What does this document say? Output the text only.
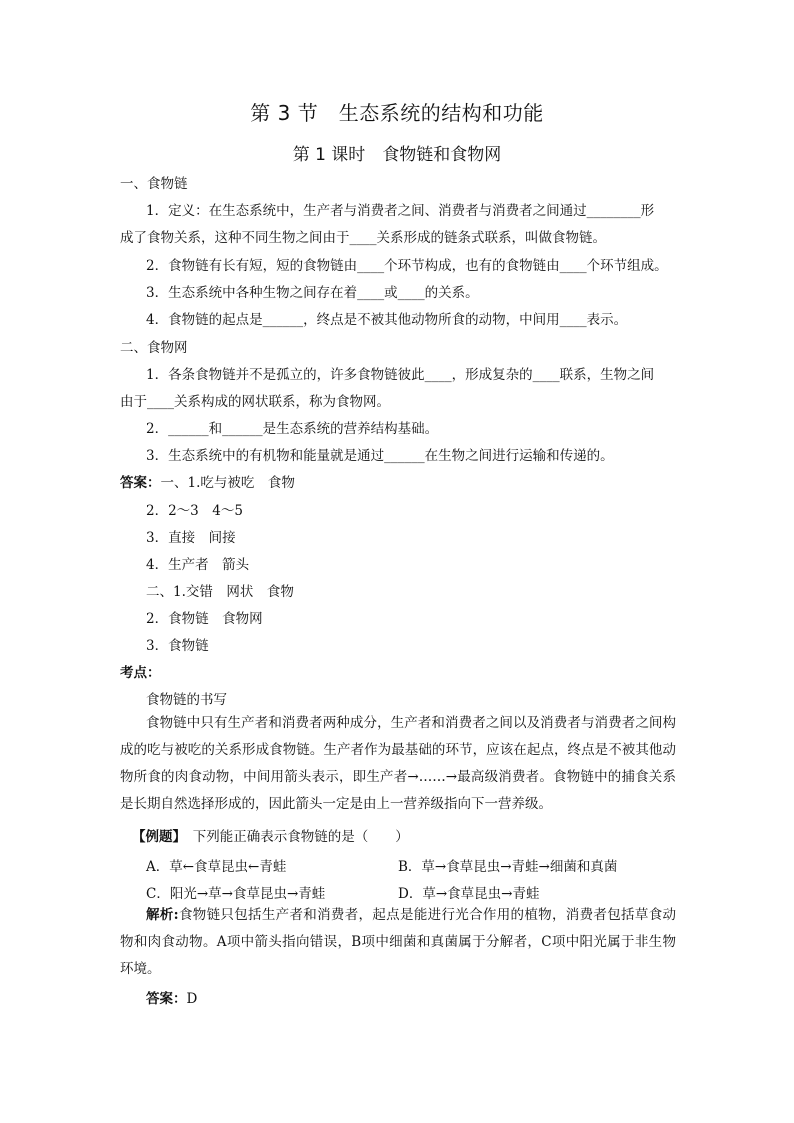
第 3 节　生态系统的结构和功能
第 1 课时　食物链和食物网
一、食物链
1．定义：在生态系统中，生产者与消费者之间、消费者与消费者之间通过________形
成了食物关系，这种不同生物之间由于____关系形成的链条式联系，叫做食物链。
2．食物链有长有短，短的食物链由____个环节构成，也有的食物链由____个环节组成。
3．生态系统中各种生物之间存在着____或____的关系。
4．食物链的起点是______，终点是不被其他动物所食的动物，中间用____表示。
二、食物网
1．各条食物链并不是孤立的，许多食物链彼此____，形成复杂的____联系，生物之间
由于____关系构成的网状联系，称为食物网。
2．______和______是生态系统的营养结构基础。
3．生态系统中的有机物和能量就是通过______在生物之间进行运输和传递的。
答案：一、1.吃与被吃　食物
2．2～3　4～5
3．直接　间接
4．生产者　箭头
二、1.交错　网状　食物
2．食物链　食物网
3．食物链
考点：
食物链的书写
食物链中只有生产者和消费者两种成分，生产者和消费者之间以及消费者与消费者之间构成的吃与被吃的关系形成食物链。生产者作为最基础的环节，应该在起点，终点是不被其他动物所食的肉食动物，中间用箭头表示，即生产者→……→最高级消费者。食物链中的捕食关系是长期自然选择形成的，因此箭头一定是由上一营养级指向下一营养级。
【例题】　 下列能正确表示食物链的是（　　）
A．草←食草昆虫←青蛙	B．草→食草昆虫→青蛙→细菌和真菌
C．阳光→草→食草昆虫→青蛙	D．草→食草昆虫→青蛙
解析:食物链只包括生产者和消费者，起点是能进行光合作用的植物，消费者包括草食动物和肉食动物。A项中箭头指向错误，B项中细菌和真菌属于分解者，C项中阳光属于非生物环境。
答案：D
